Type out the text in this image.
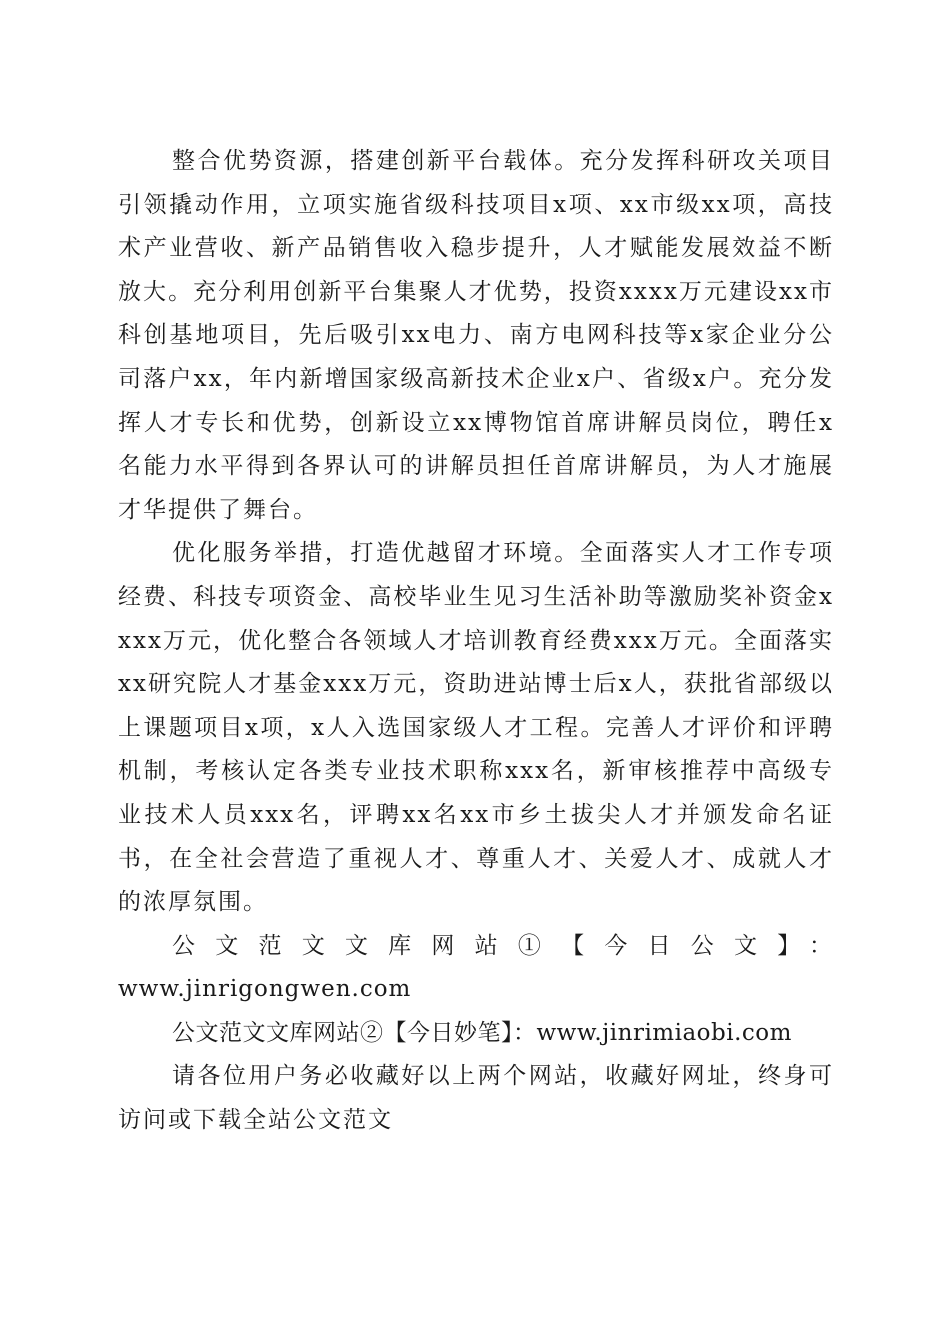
整合优势资源，搭建创新平台载体。充分发挥科研攻关项目引领撬动作用，立项实施省级科技项目x项、xx市级xx项，高技术产业营收、新产品销售收入稳步提升，人才赋能发展效益不断放大。充分利用创新平台集聚人才优势，投资xxxx万元建设xx市科创基地项目，先后吸引xx电力、南方电网科技等x家企业分公司落户xx，年内新增国家级高新技术企业x户、省级x户。充分发挥人才专长和优势，创新设立xx博物馆首席讲解员岗位，聘任x名能力水平得到各界认可的讲解员担任首席讲解员，为人才施展才华提供了舞台。

优化服务举措，打造优越留才环境。全面落实人才工作专项经费、科技专项资金、高校毕业生见习生活补助等激励奖补资金xxxx万元，优化整合各领域人才培训教育经费xxx万元。全面落实xx研究院人才基金xxx万元，资助进站博士后x人，获批省部级以上课题项目x项，x人入选国家级人才工程。完善人才评价和评聘机制，考核认定各类专业技术职称xxx名，新审核推荐中高级专业技术人员xxx名，评聘xx名xx市乡土拔尖人才并颁发命名证书，在全社会营造了重视人才、尊重人才、关爱人才、成就人才的浓厚氛围。

公文范文文库网站①【今日公文】：

www.jinrigongwen.com

公文范文文库网站②【今日妙笔】：www.jinrimiaobi.com

请各位用户务必收藏好以上两个网站，收藏好网址，终身可访问或下载全站公文范文
